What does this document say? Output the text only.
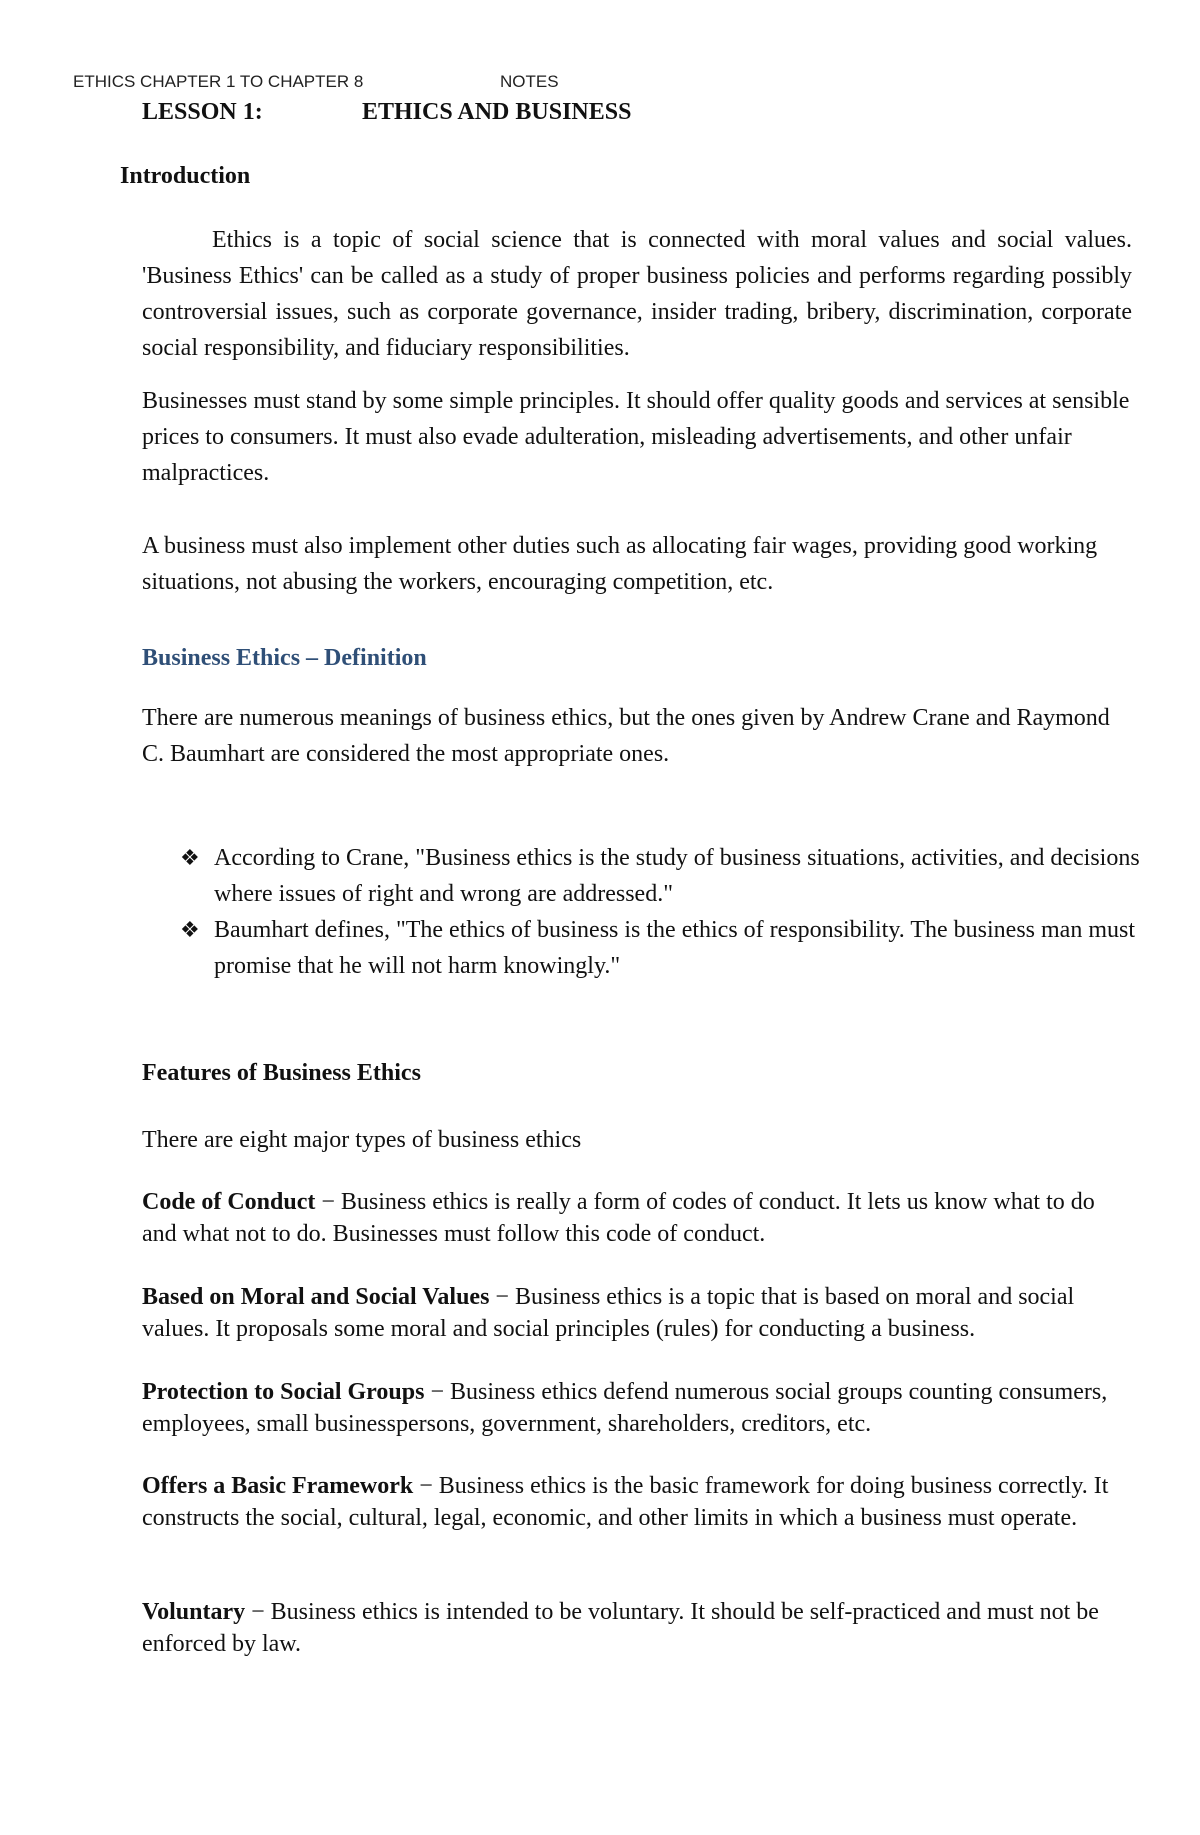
ETHICS CHAPTER 1 TO CHAPTER 8	NOTES
LESSON 1:	ETHICS AND BUSINESS
Introduction
Ethics is a topic of social science that is connected with moral values and social values. 'Business Ethics' can be called as a study of proper business policies and performs regarding possibly controversial issues, such as corporate governance, insider trading, bribery, discrimination, corporate social responsibility, and fiduciary responsibilities.
Businesses must stand by some simple principles. It should offer quality goods and services at sensible prices to consumers. It must also evade adulteration, misleading advertisements, and other unfair malpractices.
A business must also implement other duties such as allocating fair wages, providing good working situations, not abusing the workers, encouraging competition, etc.
Business Ethics – Definition
There are numerous meanings of business ethics, but the ones given by Andrew Crane and Raymond C. Baumhart are considered the most appropriate ones.
❖ According to Crane, "Business ethics is the study of business situations, activities, and decisions where issues of right and wrong are addressed."
❖ Baumhart defines, "The ethics of business is the ethics of responsibility. The business man must promise that he will not harm knowingly."
Features of Business Ethics
There are eight major types of business ethics
Code of Conduct − Business ethics is really a form of codes of conduct. It lets us know what to do and what not to do. Businesses must follow this code of conduct.
Based on Moral and Social Values − Business ethics is a topic that is based on moral and social values. It proposals some moral and social principles (rules) for conducting a business.
Protection to Social Groups − Business ethics defend numerous social groups counting consumers, employees, small businesspersons, government, shareholders, creditors, etc.
Offers a Basic Framework − Business ethics is the basic framework for doing business correctly. It constructs the social, cultural, legal, economic, and other limits in which a business must operate.
Voluntary − Business ethics is intended to be voluntary. It should be self-practiced and must not be enforced by law.
